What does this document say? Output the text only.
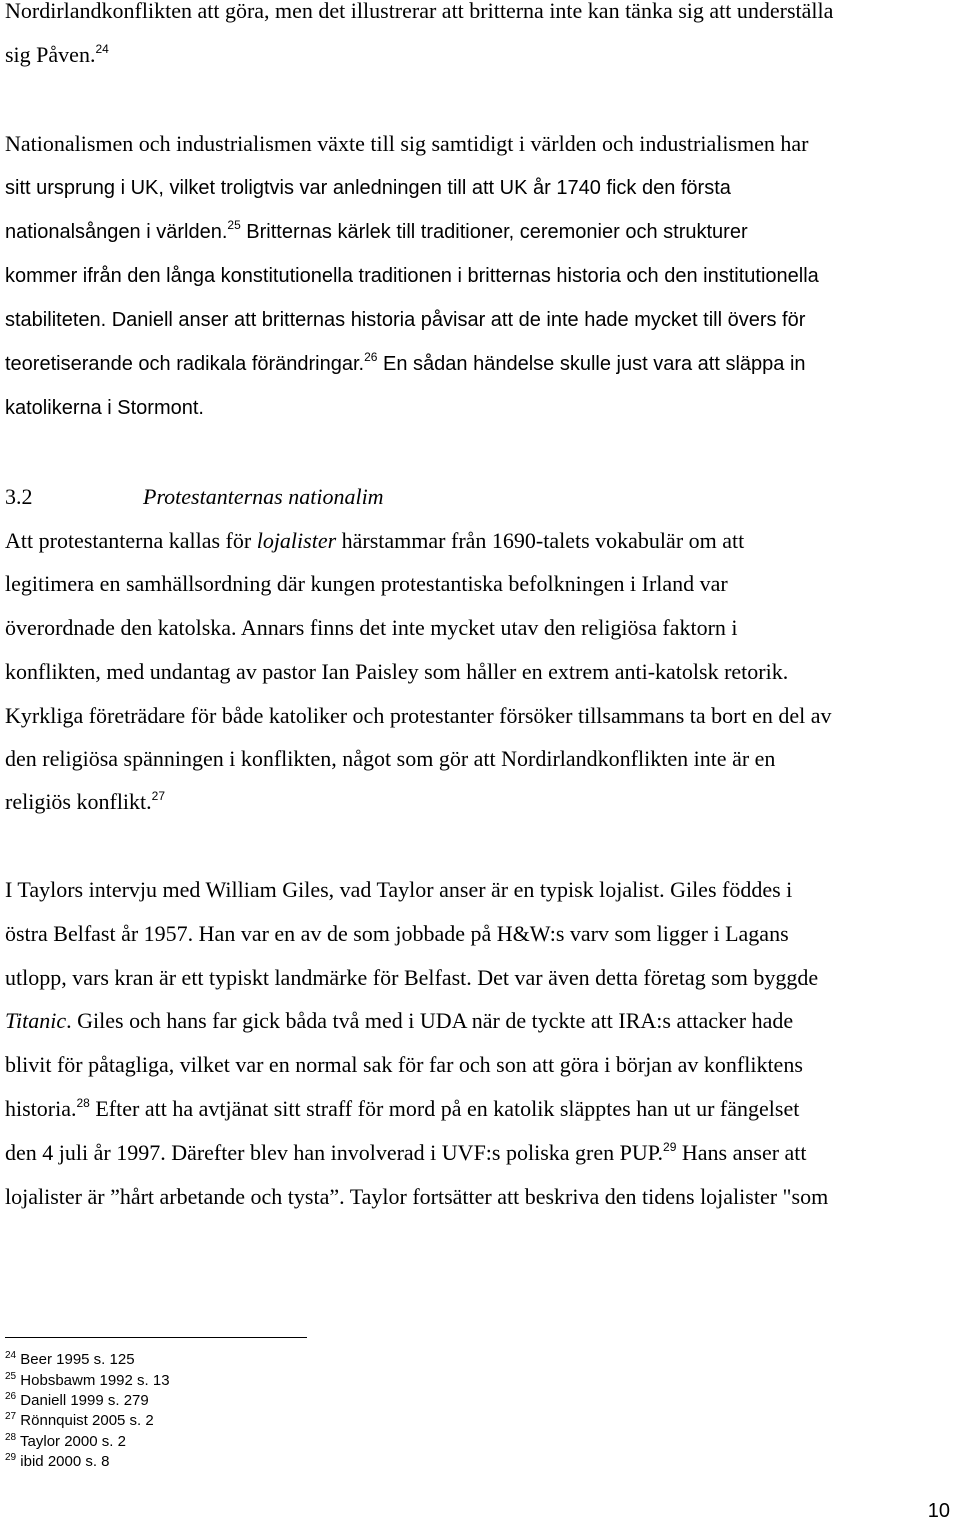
Nordirlandkonflikten att göra, men det illustrerar att britterna inte kan tänka sig att underställa
sig Påven.$^{24}$
Nationalismen och industrialismen växte till sig samtidigt i världen och industrialismen har
sitt ursprung i UK, vilket troligtvis var anledningen till att UK år 1740 fick den första
nationalsången i världen.$^{25}$ Britternas kärlek till traditioner, ceremonier och strukturer
kommer ifrån den långa konstitutionella traditionen i britternas historia och den institutionella
stabiliteten. Daniell anser att britternas historia påvisar att de inte hade mycket till övers för
teoretiserande och radikala förändringar.$^{26}$ En sådan händelse skulle just vara att släppa in
katolikerna i Stormont.
3.2	Protestanternas nationalim
Att protestanterna kallas för lojalister härstammar från 1690-talets vokabulär om att
legitimera en samhällsordning där kungen protestantiska befolkningen i Irland var
överordnade den katolska. Annars finns det inte mycket utav den religiösa faktorn i
konflikten, med undantag av pastor Ian Paisley som håller en extrem anti-katolsk retorik.
Kyrkliga företrädare för både katoliker och protestanter försöker tillsammans ta bort en del av
den religiösa spänningen i konflikten, något som gör att Nordirlandkonflikten inte är en
religiös konflikt.$^{27}$
I Taylors intervju med William Giles, vad Taylor anser är en typisk lojalist. Giles föddes i
östra Belfast år 1957. Han var en av de som jobbade på H&W:s varv som ligger i Lagans
utlopp, vars kran är ett typiskt landmärke för Belfast. Det var även detta företag som byggde
Titanic. Giles och hans far gick båda två med i UDA när de tyckte att IRA:s attacker hade
blivit för påtagliga, vilket var en normal sak för far och son att göra i början av konfliktens
historia.$^{28}$ Efter att ha avtjänat sitt straff för mord på en katolik släpptes han ut ur fängelset
den 4 juli år 1997. Därefter blev han involverad i UVF:s poliska gren PUP.$^{29}$ Hans anser att
lojalister är ”hårt arbetande och tysta”. Taylor fortsätter att beskriva den tidens lojalister "som
$^{24}$ Beer 1995 s. 125
$^{25}$ Hobsbawm 1992 s. 13
$^{26}$ Daniell 1999 s. 279
$^{27}$ Rönnquist 2005 s. 2
$^{28}$ Taylor 2000 s. 2
$^{29}$ ibid 2000 s. 8
10
